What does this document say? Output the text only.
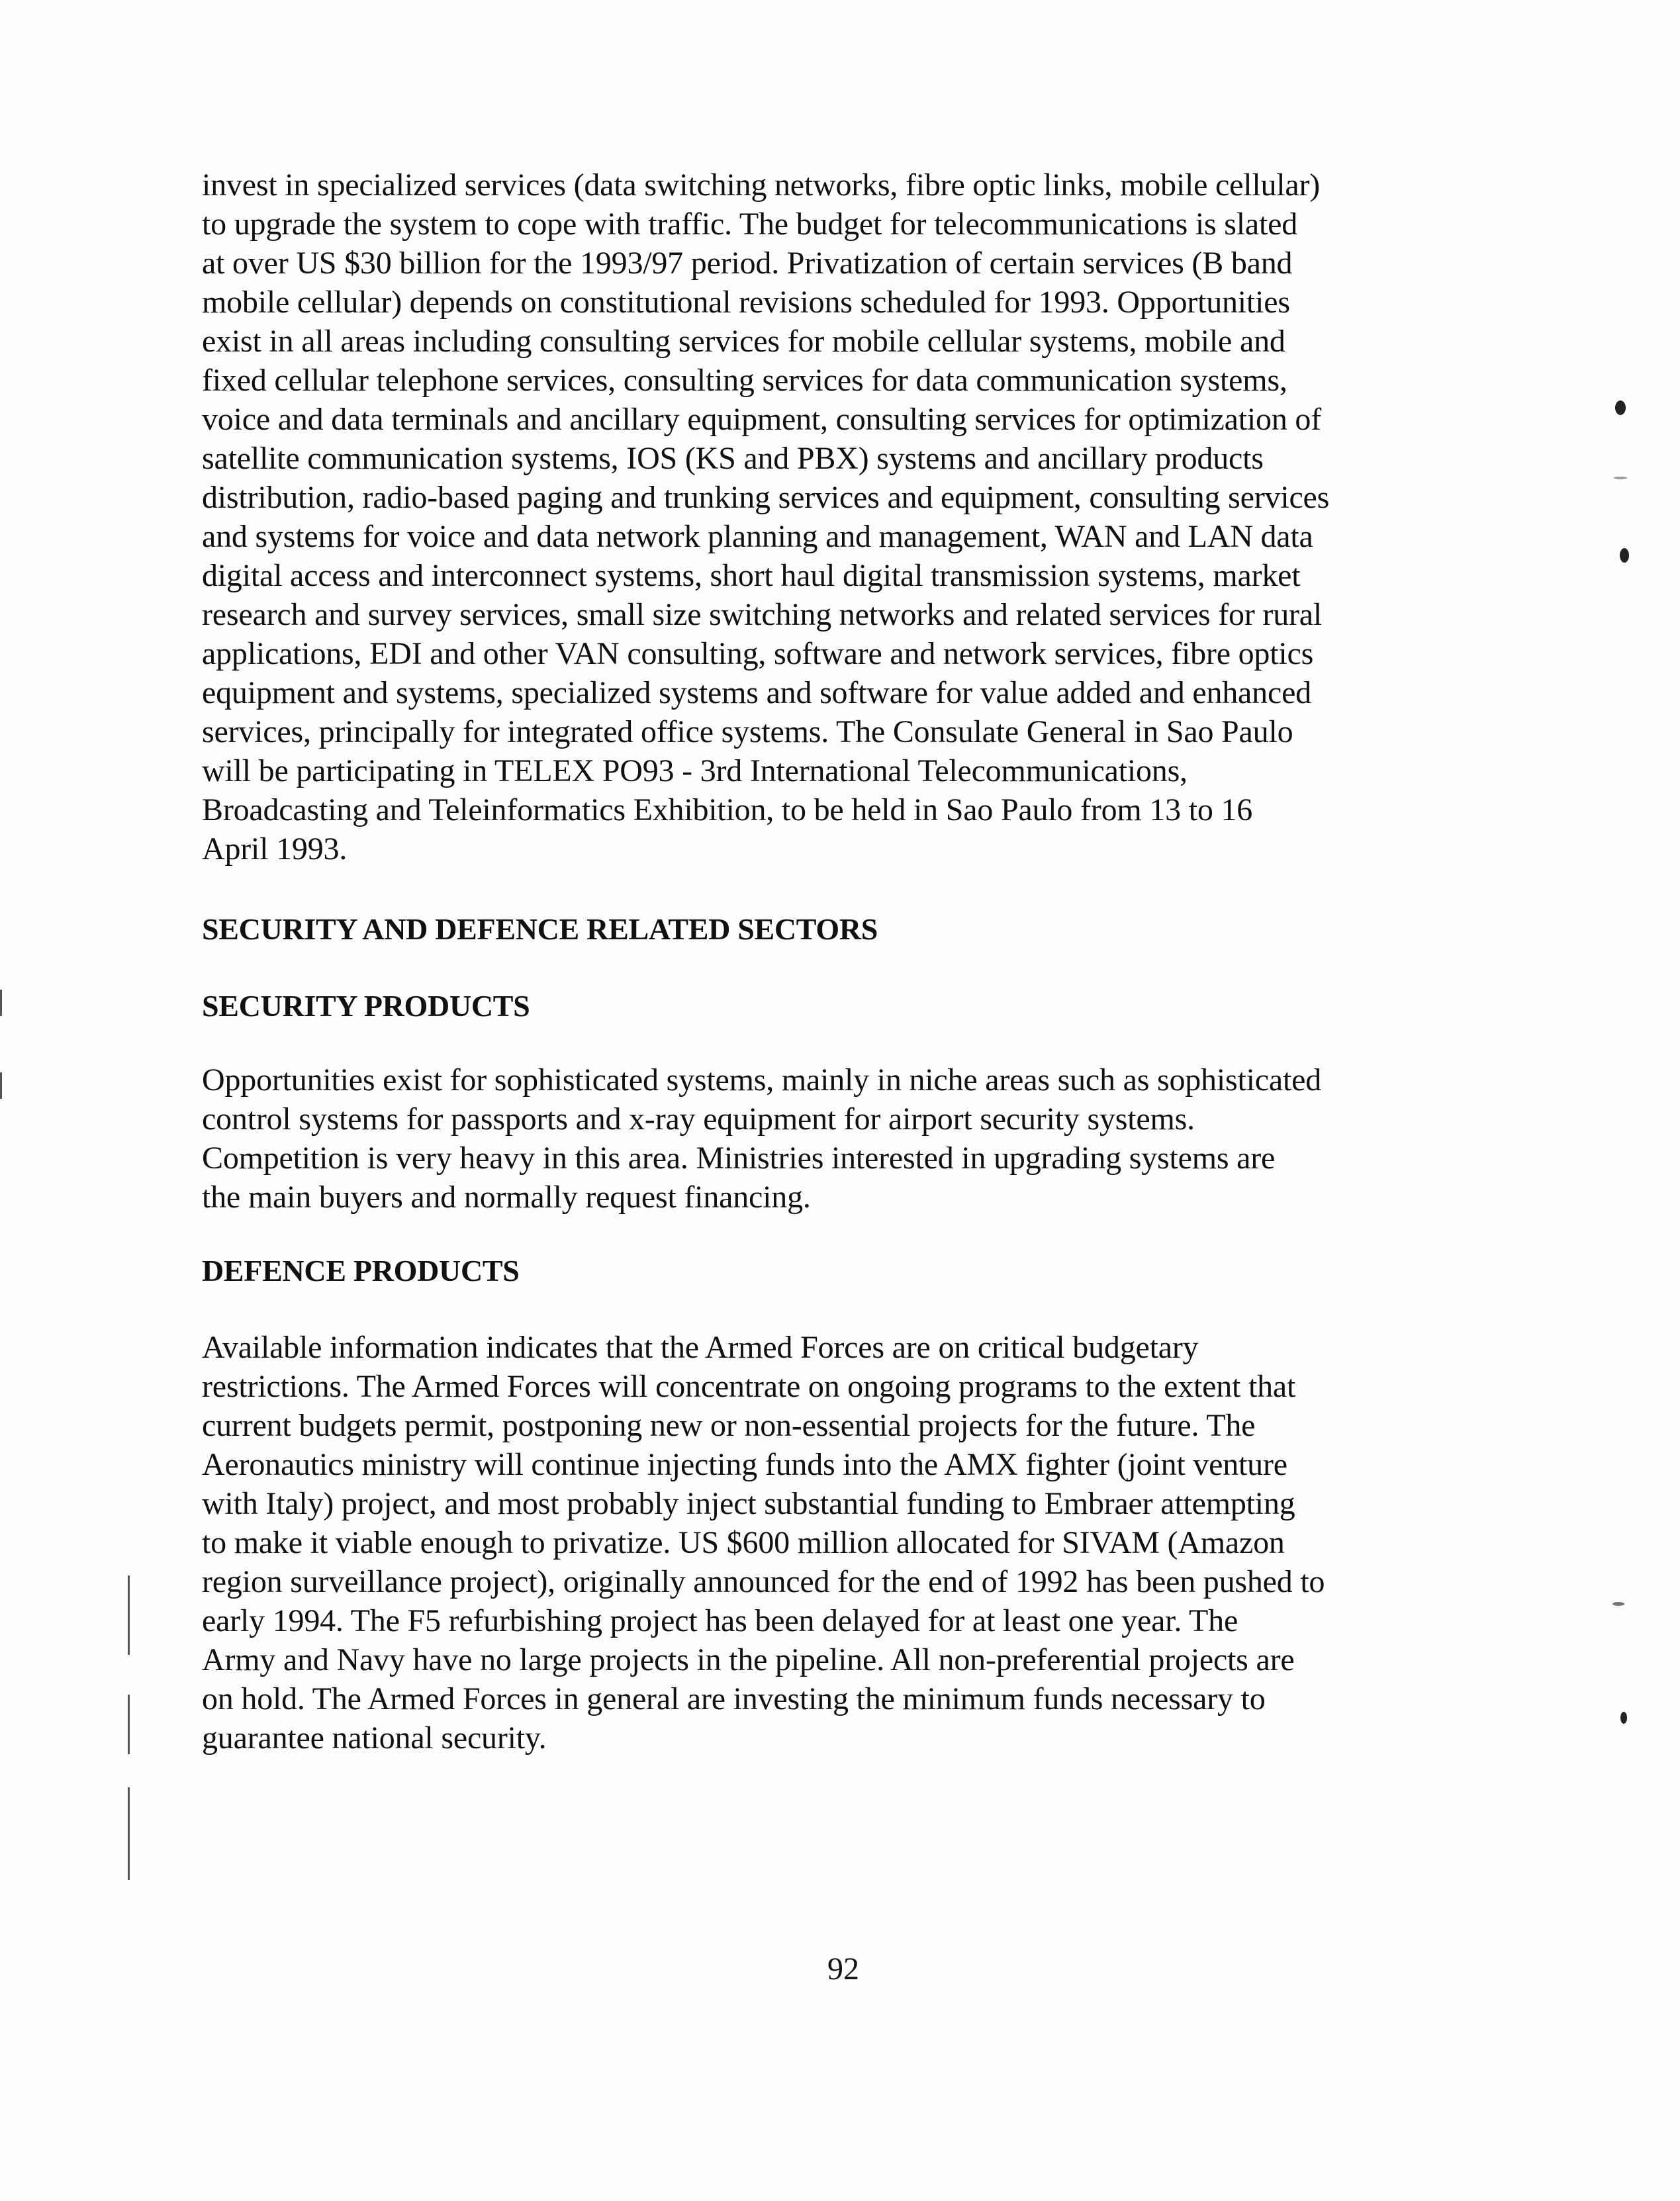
invest in specialized services (data switching networks, fibre optic links, mobile cellular)
to upgrade the system to cope with traffic. The budget for telecommunications is slated
at over US $30 billion for the 1993/97 period. Privatization of certain services (B band
mobile cellular) depends on constitutional revisions scheduled for 1993. Opportunities
exist in all areas including consulting services for mobile cellular systems, mobile and
fixed cellular telephone services, consulting services for data communication systems,
voice and data terminals and ancillary equipment, consulting services for optimization of
satellite communication systems, IOS (KS and PBX) systems and ancillary products
distribution, radio-based paging and trunking services and equipment, consulting services
and systems for voice and data network planning and management, WAN and LAN data
digital access and interconnect systems, short haul digital transmission systems, market
research and survey services, small size switching networks and related services for rural
applications, EDI and other VAN consulting, software and network services, fibre optics
equipment and systems, specialized systems and software for value added and enhanced
services, principally for integrated office systems. The Consulate General in Sao Paulo
will be participating in TELEX PO93 - 3rd International Telecommunications,
Broadcasting and Teleinformatics Exhibition, to be held in Sao Paulo from 13 to 16
April 1993.

SECURITY AND DEFENCE RELATED SECTORS
SECURITY PRODUCTS

Opportunities exist for sophisticated systems, mainly in niche areas such as sophisticated
control systems for passports and x-ray equipment for airport security systems.
Competition is very heavy in this area. Ministries interested in upgrading systems are
the main buyers and normally request financing.

DEFENCE PRODUCTS

Available information indicates that the Armed Forces are on critical budgetary
restrictions. The Armed Forces will concentrate on ongoing programs to the extent that
current budgets permit, postponing new or non-essential projects for the future. The
Aeronautics ministry will continue injecting funds into the AMX fighter (joint venture
with Italy) project, and most probably inject substantial funding to Embraer attempting
to make it viable enough to privatize. US $600 million allocated for SIVAM (Amazon
region surveillance project), originally announced for the end of 1992 has been pushed to
early 1994. The F5 refurbishing project has been delayed for at least one year. The
Army and Navy have no large projects in the pipeline. All non-preferential projects are
on hold. The Armed Forces in general are investing the minimum funds necessary to
guarantee national security.

92
